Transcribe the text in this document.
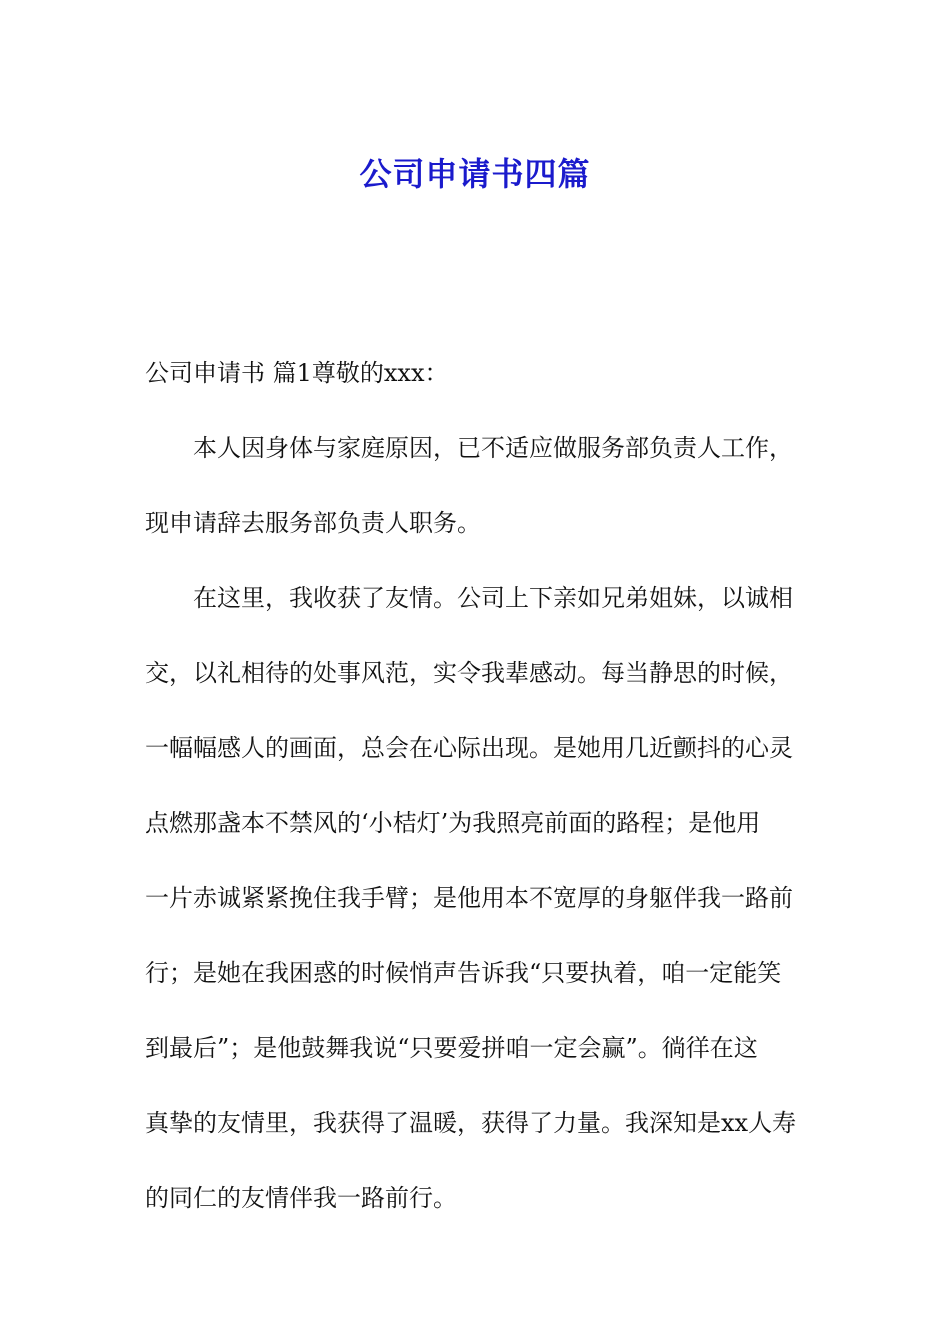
公司申请书四篇

公司申请书 篇1尊敬的xxx：

本人因身体与家庭原因，已不适应做服务部负责人工作，
现申请辞去服务部负责人职务。

在这里，我收获了友情。公司上下亲如兄弟姐妹，以诚相
交，以礼相待的处事风范，实令我辈感动。每当静思的时候，
一幅幅感人的画面，总会在心际出现。是她用几近颤抖的心灵
点燃那盏本不禁风的‘小桔灯’为我照亮前面的路程；是他用
一片赤诚紧紧挽住我手臂；是他用本不宽厚的身躯伴我一路前
行；是她在我困惑的时候悄声告诉我“只要执着，咱一定能笑
到最后”；是他鼓舞我说“只要爱拼咱一定会赢”。徜徉在这
真挚的友情里，我获得了温暖，获得了力量。我深知是xx人寿
的同仁的友情伴我一路前行。
